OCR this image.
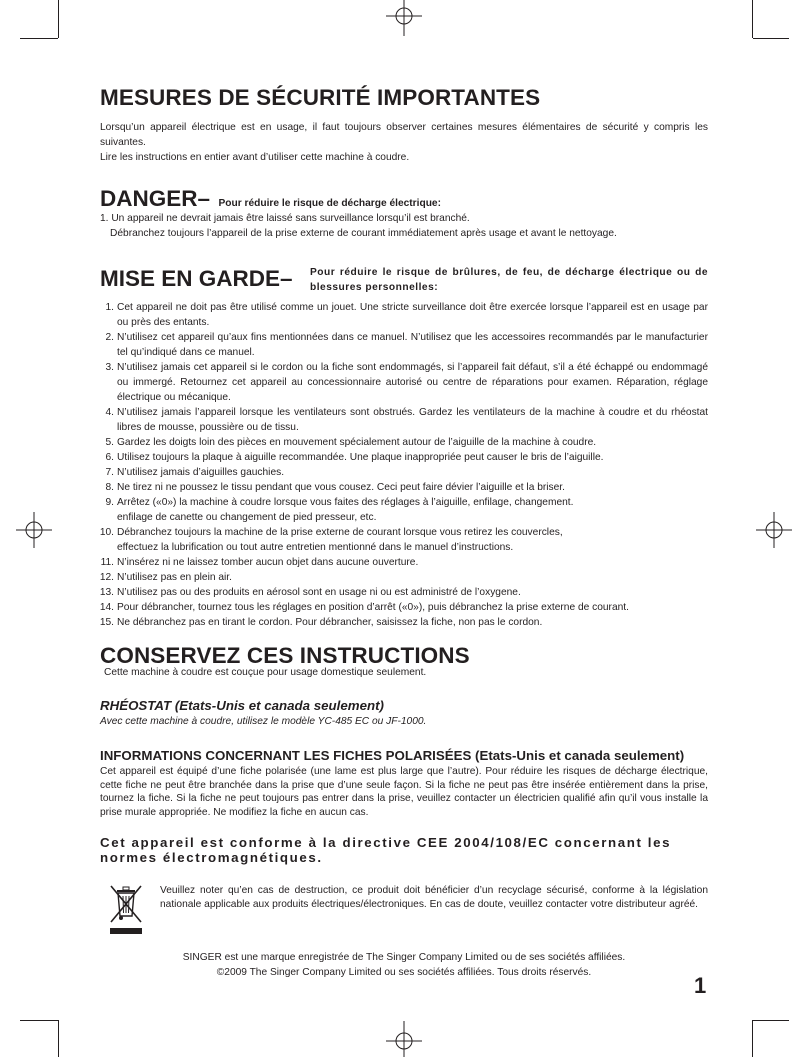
MESURES DE SÉCURITÉ IMPORTANTES
Lorsqu’un appareil électrique est en usage, il faut toujours observer certaines mesures élémentaires de sécurité y compris les suivantes.
Lire les instructions en entier avant d’utiliser cette machine à coudre.
DANGER– Pour réduire le risque de décharge électrique:
1. Un appareil ne devrait jamais être laissé sans surveillance lorsqu’il est branché.
Débranchez toujours l’appareil de la prise externe de courant immédiatement après usage et avant le nettoyage.
MISE EN GARDE– Pour réduire le risque de brûlures, de feu, de décharge électrique ou de blessures personnelles:
1. Cet appareil ne doit pas être utilisé comme un jouet. Une stricte surveillance doit être exercée lorsque l’appareil est en usage par ou près des entants.
2. N’utilisez cet appareil qu’aux fins mentionnées dans ce manuel. N’utilisez que les accessoires recommandés par le manufacturier tel qu’indiqué dans ce manuel.
3. N’utilisez jamais cet appareil si le cordon ou la fiche sont endommagés, si l’appareil fait défaut, s’il a été échappé ou endommagé ou immergé. Retournez cet appareil au concessionnaire autorisé ou centre de réparations pour examen. Réparation, réglage électrique ou mécanique.
4. N’utilisez jamais l’appareil lorsque les ventilateurs sont obstrués. Gardez les ventilateurs de la machine à coudre et du rhéostat libres de mousse, poussière ou de tissu.
5. Gardez les doigts loin des pièces en mouvement spécialement autour de l’aiguille de la machine à coudre.
6. Utilisez toujours la plaque à aiguille recommandée. Une plaque inappropriée peut causer le bris de l’aiguille.
7. N’utilisez jamais d’aiguilles gauchies.
8. Ne tirez ni ne poussez le tissu pendant que vous cousez. Ceci peut faire dévier l’aiguille et la briser.
9. Arrêtez («0») la machine à coudre lorsque vous faites des réglages à l’aiguille, enfilage, changement.
enfilage de canette ou changement de pied presseur, etc.
10. Débranchez toujours la machine de la prise externe de courant lorsque vous retirez les couvercles,
effectuez la lubrification ou tout autre entretien mentionné dans le manuel d’instructions.
11. N’insérez ni ne laissez tomber aucun objet dans aucune ouverture.
12. N’utilisez pas en plein air.
13. N’utilisez pas ou des produits en aérosol sont en usage ni ou est administré de l’oxygene.
14. Pour débrancher, tournez tous les réglages en position d’arrêt («0»), puis débranchez la prise externe de courant.
15. Ne débranchez pas en tirant le cordon. Pour débrancher, saisissez la fiche, non pas le cordon.
CONSERVEZ CES INSTRUCTIONS
Cette machine à coudre est couçue pour usage domestique seulement.
RHÉOSTAT (Etats-Unis et canada seulement)
Avec cette machine à coudre, utilisez le modèle YC-485 EC ou JF-1000.
INFORMATIONS CONCERNANT LES FICHES POLARISÉES (Etats-Unis et canada seulement)
Cet appareil est équipé d’une fiche polarisée (une lame est plus large que l’autre). Pour réduire les risques de décharge électrique, cette fiche ne peut être branchée dans la prise que d’une seule façon. Si la fiche ne peut pas être insérée entièrement dans la prise, tournez la fiche. Si la fiche ne peut toujours pas entrer dans la prise, veuillez contacter un électricien qualifié afin qu’il vous installe la prise murale appropriée. Ne modifiez la fiche en aucun cas.
Cet appareil est conforme à la directive CEE 2004/108/EC concernant les normes électromagnétiques.
Veuillez noter qu’en cas de destruction, ce produit doit bénéficier d’un recyclage sécurisé, conforme à la législation nationale applicable aux produits électriques/électroniques. En cas de doute, veuillez contacter votre distributeur agréé.
SINGER est une marque enregistrée de The Singer Company Limited ou de ses sociétés affiliées.
©2009 The Singer Company Limited ou ses sociétés affiliées. Tous droits réservés.
1
